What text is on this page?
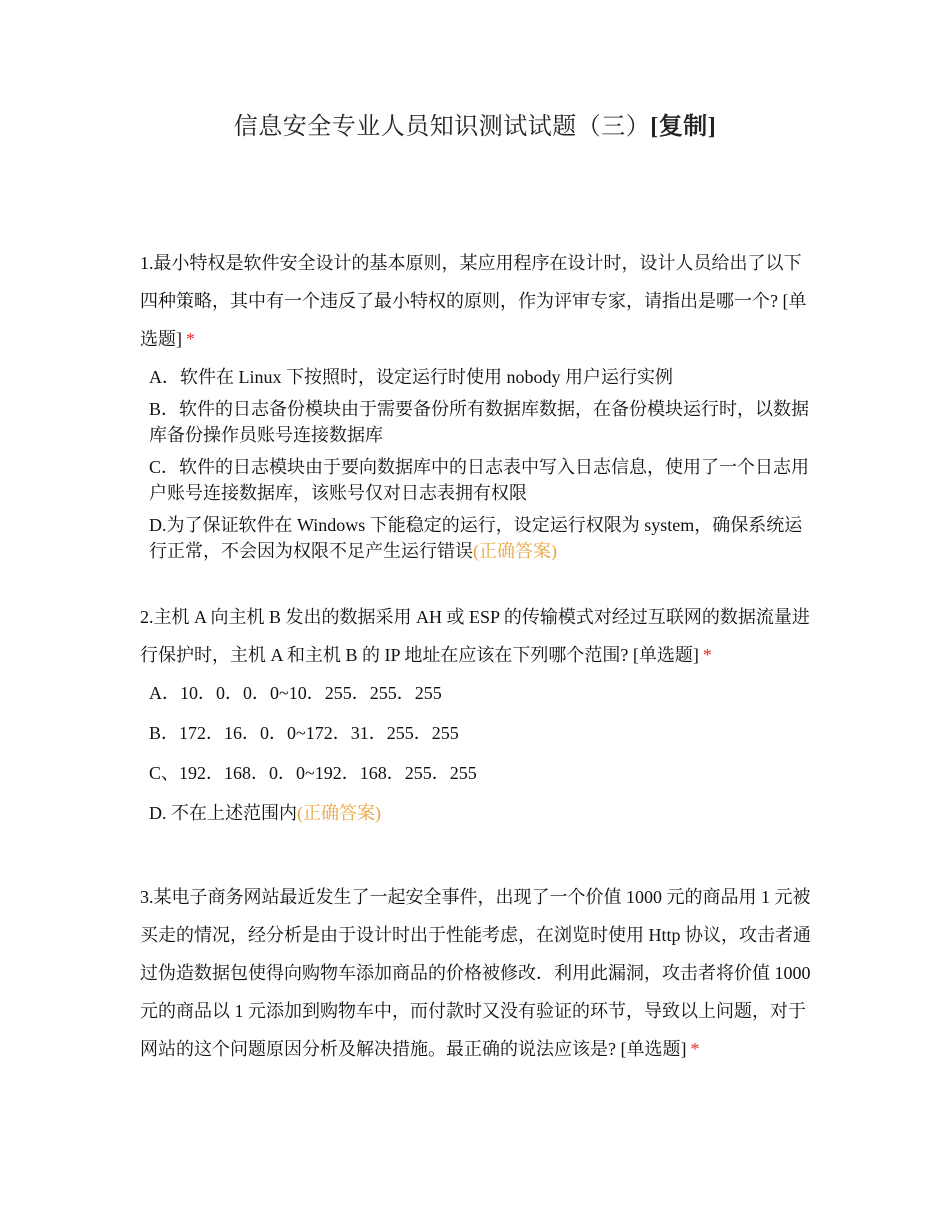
信息安全专业人员知识测试试题（三）[复制]

1.最小特权是软件安全设计的基本原则，某应用程序在设计时，设计人员给出了以下四种策略，其中有一个违反了最小特权的原则，作为评审专家，请指出是哪一个? [单选题] *

A．软件在 Linux 下按照时，设定运行时使用 nobody 用户运行实例
B．软件的日志备份模块由于需要备份所有数据库数据，在备份模块运行时，以数据库备份操作员账号连接数据库
C．软件的日志模块由于要向数据库中的日志表中写入日志信息，使用了一个日志用户账号连接数据库，该账号仅对日志表拥有权限
D.为了保证软件在 Windows 下能稳定的运行，设定运行权限为 system，确保系统运行正常，不会因为权限不足产生运行错误(正确答案)

2.主机 A 向主机 B 发出的数据采用 AH 或 ESP 的传输模式对经过互联网的数据流量进行保护时，主机 A 和主机 B 的 IP 地址在应该在下列哪个范围? [单选题] *

A．10．0．0．0~10．255．255．255
B．172．16．0．0~172．31．255．255
C、192．168．0．0~192．168．255．255
D. 不在上述范围内(正确答案)

3.某电子商务网站最近发生了一起安全事件，出现了一个价值 1000 元的商品用 1 元被买走的情况，经分析是由于设计时出于性能考虑，在浏览时使用 Http 协议，攻击者通过伪造数据包使得向购物车添加商品的价格被修改．利用此漏洞，攻击者将价值 1000 元的商品以 1 元添加到购物车中，而付款时又没有验证的环节，导致以上问题，对于网站的这个问题原因分析及解决措施。最正确的说法应该是? [单选题] *
